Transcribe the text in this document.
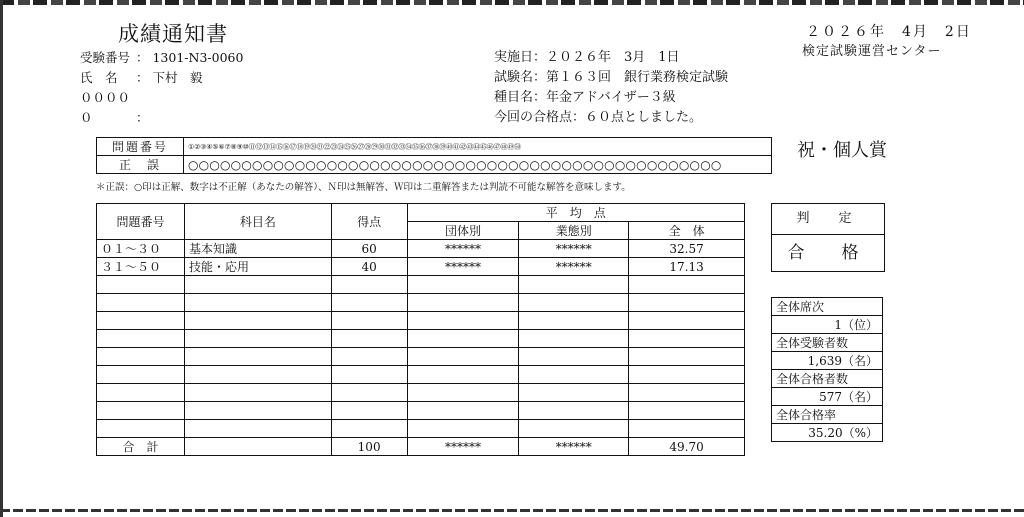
成績通知書	２０２６年　4月　2日
検定試験運営センター
受験番号 ： 1301-N3-0060
氏　名 ： 下村　毅
０００００	：
実施日：２０２６年　3月　1日
試験名：第１６３回　銀行業務検定試験
種目名：年金アドバイザー３級
今回の合格点：６０点としました。
問題番号	①②③④⑤⑥⑦⑧⑨⑩⑪⑫⑬⑭⑮⑯⑰⑱⑲⑳㉑㉒㉓㉔㉕㉖㉗㉘㉙㉚㉛㉜㉝㉞㉟㊱㊲㊳㊴㊵㊶㊷㊸㊹㊺㊻㊼㊽㊾㊿
正　誤	○○○○○○○○○○○○○○○○○○○○○○○○○○○○○○○○○○○○○○○○○○○○○○○○○○
祝・個人賞
＊正誤：○印は正解、数字は不正解（あなたの解答）、Ｎ印は無解答、Ｗ印は二重解答または判読不可能な解答を意味します。
問題番号	科目名	得点	平　均　点		
			団体別	業態別	全　体
０１～３０	基本知識	60	******	******	32.57
３１～５０	技能・応用	40	******	******	17.13

合　計		100	******	******	49.70
判　定
合　格
全体席次
1（位）
全体受験者数
1,639（名）
全体合格者数
577（名）
全体合格率
35.20（%）
